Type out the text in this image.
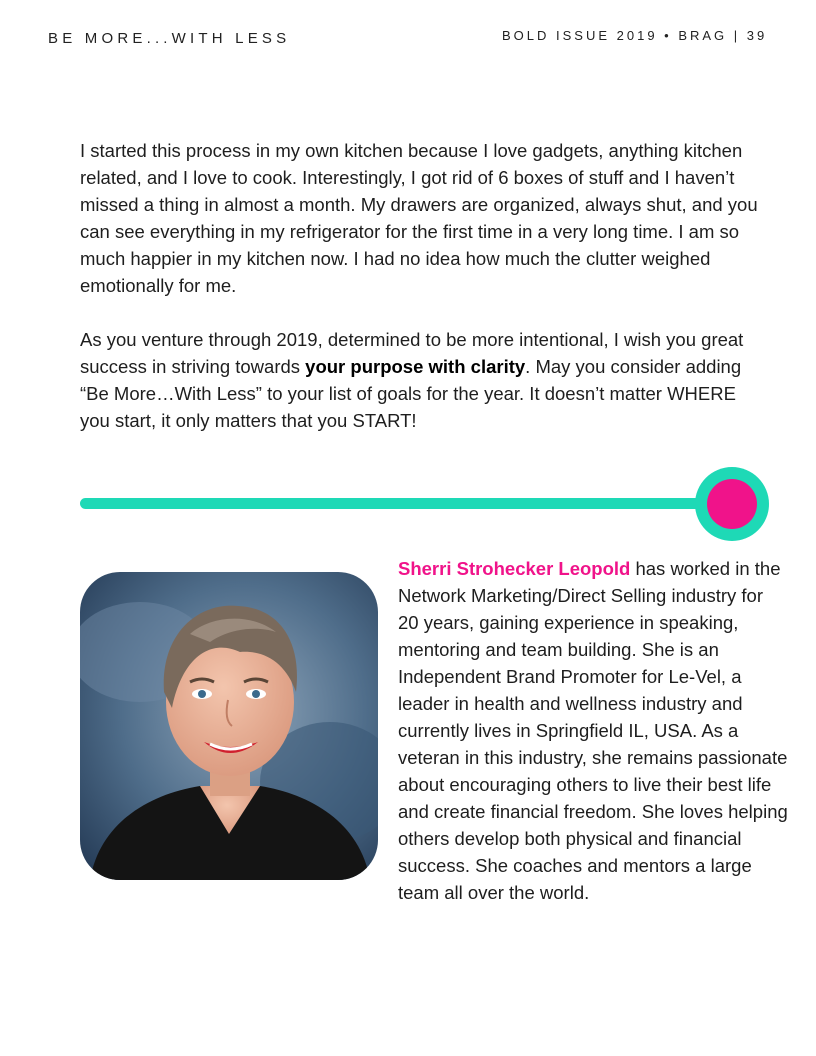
BE MORE...WITH LESS	BOLD ISSUE 2019 • BRAG | 39

I started this process in my own kitchen because I love gadgets, anything kitchen related, and I love to cook. Interestingly, I got rid of 6 boxes of stuff and I haven’t missed a thing in almost a month. My drawers are organized, always shut, and you can see everything in my refrigerator for the first time in a very long time. I am so much happier in my kitchen now. I had no idea how much the clutter weighed emotionally for me.

As you venture through 2019, determined to be more intentional, I wish you great success in striving towards your purpose with clarity. May you consider adding “Be More…With Less” to your list of goals for the year. It doesn’t matter WHERE you start, it only matters that you START!

Sherri Strohecker Leopold has worked in the Network Marketing/Direct Selling industry for 20 years, gaining experience in speaking, mentoring and team building. She is an Independent Brand Promoter for Le-Vel, a leader in health and wellness industry and currently lives in Springfield IL, USA. As a veteran in this industry, she remains passionate about encouraging others to live their best life and create financial freedom. She loves helping others develop both physical and financial success. She coaches and mentors a large team all over the world.
